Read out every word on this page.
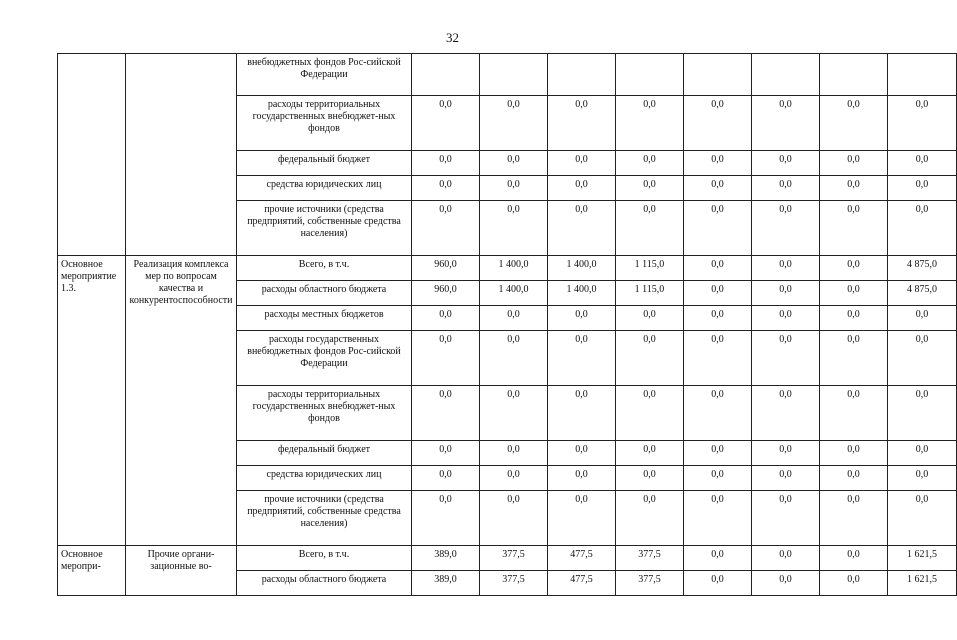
32
		внебюджетных фондов Рос-сийской Федерации								
		расходы территориальных государственных внебюджет-ных фондов	0,0	0,0	0,0	0,0	0,0	0,0	0,0	0,0
		федеральный бюджет	0,0	0,0	0,0	0,0	0,0	0,0	0,0	0,0
		средства юридических лиц	0,0	0,0	0,0	0,0	0,0	0,0	0,0	0,0
		прочие источники (средства предприятий, собственные средства населения)	0,0	0,0	0,0	0,0	0,0	0,0	0,0	0,0
Основное мероприятие 1.3.	Реализация комплекса мер по вопросам качества и конкурентоспособности	Всего, в т.ч.	960,0	1 400,0	1 400,0	1 115,0	0,0	0,0	0,0	4 875,0
		расходы областного бюджета	960,0	1 400,0	1 400,0	1 115,0	0,0	0,0	0,0	4 875,0
		расходы местных бюджетов	0,0	0,0	0,0	0,0	0,0	0,0	0,0	0,0
		расходы государственных внебюджетных фондов Рос-сийской Федерации	0,0	0,0	0,0	0,0	0,0	0,0	0,0	0,0
		расходы территориальных государственных внебюджет-ных фондов	0,0	0,0	0,0	0,0	0,0	0,0	0,0	0,0
		федеральный бюджет	0,0	0,0	0,0	0,0	0,0	0,0	0,0	0,0
		средства юридических лиц	0,0	0,0	0,0	0,0	0,0	0,0	0,0	0,0
		прочие источники (средства предприятий, собственные средства населения)	0,0	0,0	0,0	0,0	0,0	0,0	0,0	0,0
Основное меропри-	Прочие органи-зационные во-	Всего, в т.ч.	389,0	377,5	477,5	377,5	0,0	0,0	0,0	1 621,5
		расходы областного бюджета	389,0	377,5	477,5	377,5	0,0	0,0	0,0	1 621,5
